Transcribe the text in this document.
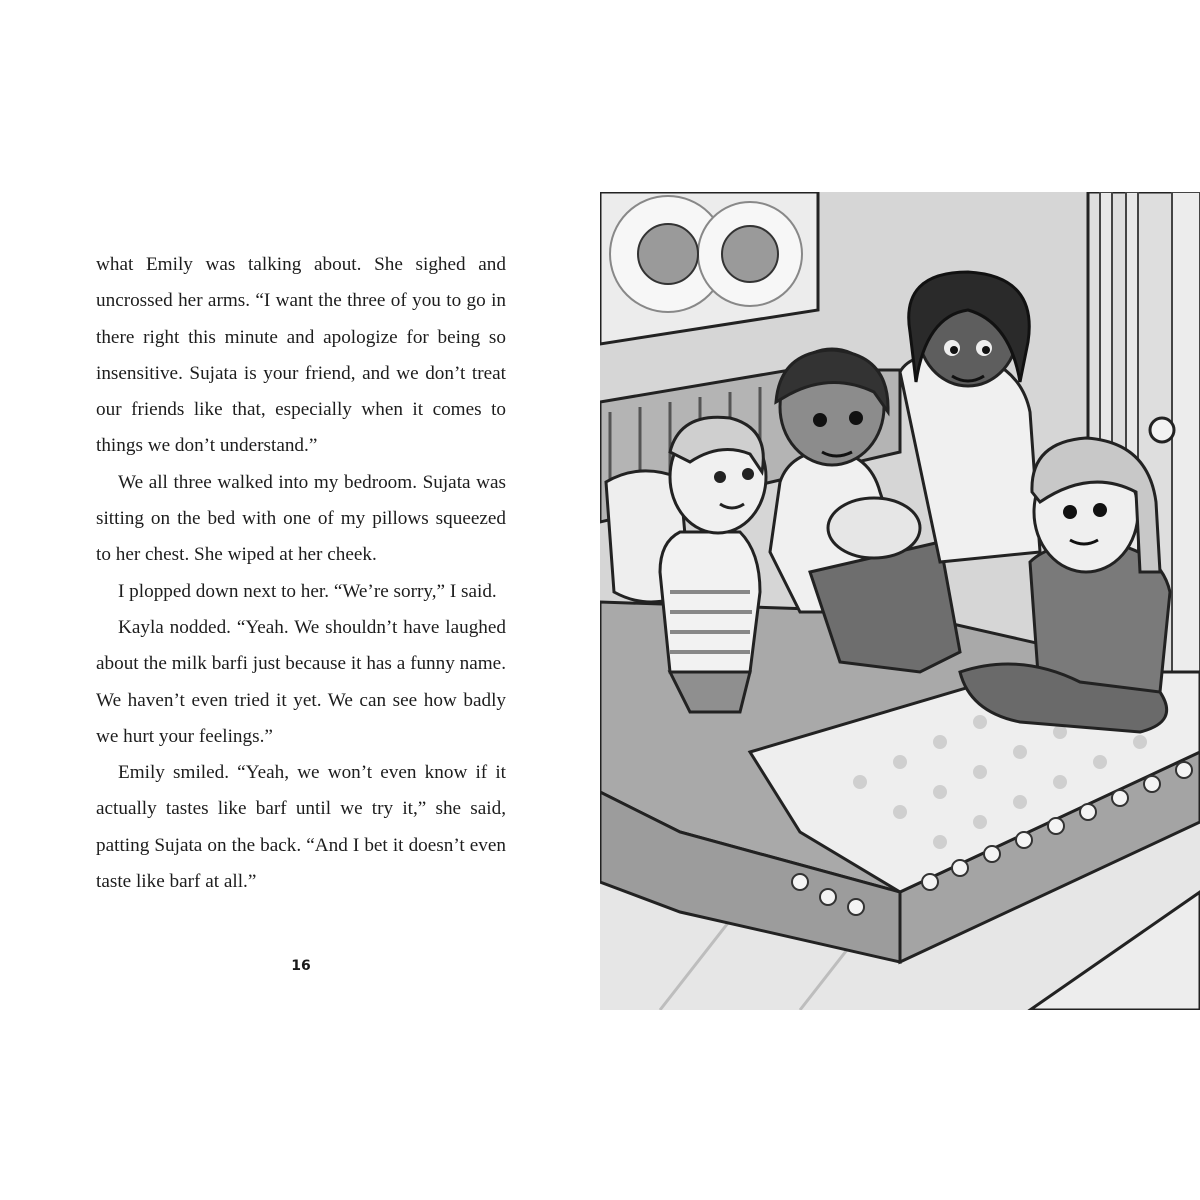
what Emily was talking about. She sighed and uncrossed her arms. “I want the three of you to go in there right this minute and apologize for being so insensitive. Sujata is your friend, and we don’t treat our friends like that, especially when it comes to things we don’t understand.”

We all three walked into my bedroom. Sujata was sitting on the bed with one of my pillows squeezed to her chest. She wiped at her cheek.

I plopped down next to her. “We’re sorry,” I said.

Kayla nodded. “Yeah. We shouldn’t have laughed about the milk barfi just because it has a funny name. We haven’t even tried it yet. We can see how badly we hurt your feelings.”

Emily smiled. “Yeah, we won’t even know if it actually tastes like barf until we try it,” she said, patting Sujata on the back. “And I bet it doesn’t even taste like barf at all.”

16
